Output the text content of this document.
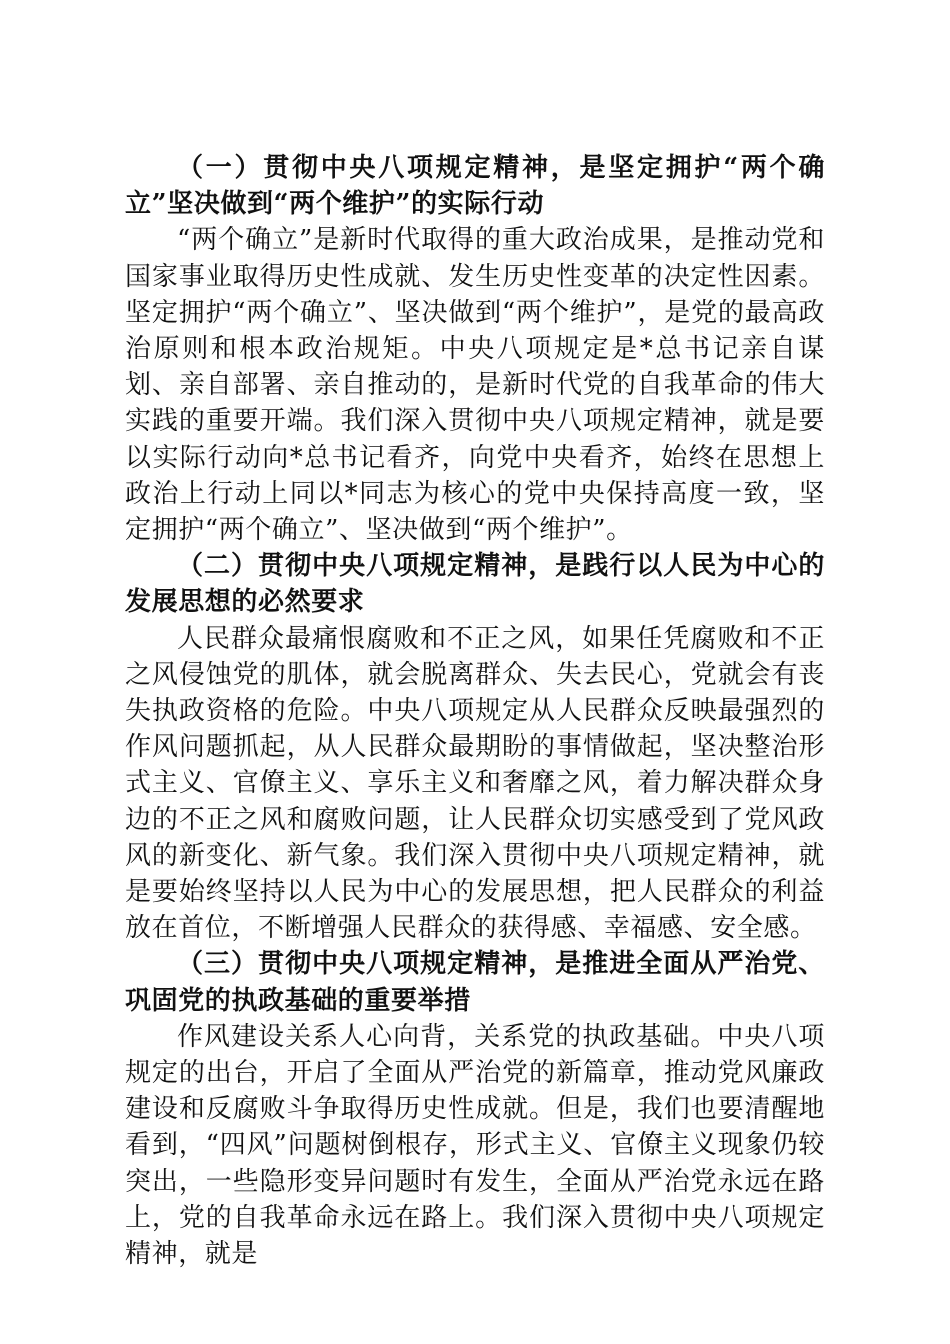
（一）贯彻中央八项规定精神，是坚定拥护“两个确立”坚决做到“两个维护”的实际行动

“两个确立”是新时代取得的重大政治成果，是推动党和国家事业取得历史性成就、发生历史性变革的决定性因素。坚定拥护“两个确立”、坚决做到“两个维护”，是党的最高政治原则和根本政治规矩。中央八项规定是*总书记亲自谋划、亲自部署、亲自推动的，是新时代党的自我革命的伟大实践的重要开端。我们深入贯彻中央八项规定精神，就是要以实际行动向*总书记看齐，向党中央看齐，始终在思想上政治上行动上同以*同志为核心的党中央保持高度一致，坚定拥护“两个确立”、坚决做到“两个维护”。

（二）贯彻中央八项规定精神，是践行以人民为中心的发展思想的必然要求

人民群众最痛恨腐败和不正之风，如果任凭腐败和不正之风侵蚀党的肌体，就会脱离群众、失去民心，党就会有丧失执政资格的危险。中央八项规定从人民群众反映最强烈的作风问题抓起，从人民群众最期盼的事情做起，坚决整治形式主义、官僚主义、享乐主义和奢靡之风，着力解决群众身边的不正之风和腐败问题，让人民群众切实感受到了党风政风的新变化、新气象。我们深入贯彻中央八项规定精神，就是要始终坚持以人民为中心的发展思想，把人民群众的利益放在首位，不断增强人民群众的获得感、幸福感、安全感。

（三）贯彻中央八项规定精神，是推进全面从严治党、巩固党的执政基础的重要举措

作风建设关系人心向背，关系党的执政基础。中央八项规定的出台，开启了全面从严治党的新篇章，推动党风廉政建设和反腐败斗争取得历史性成就。但是，我们也要清醒地看到，“四风”问题树倒根存，形式主义、官僚主义现象仍较突出，一些隐形变异问题时有发生，全面从严治党永远在路上，党的自我革命永远在路上。我们深入贯彻中央八项规定精神，就是
